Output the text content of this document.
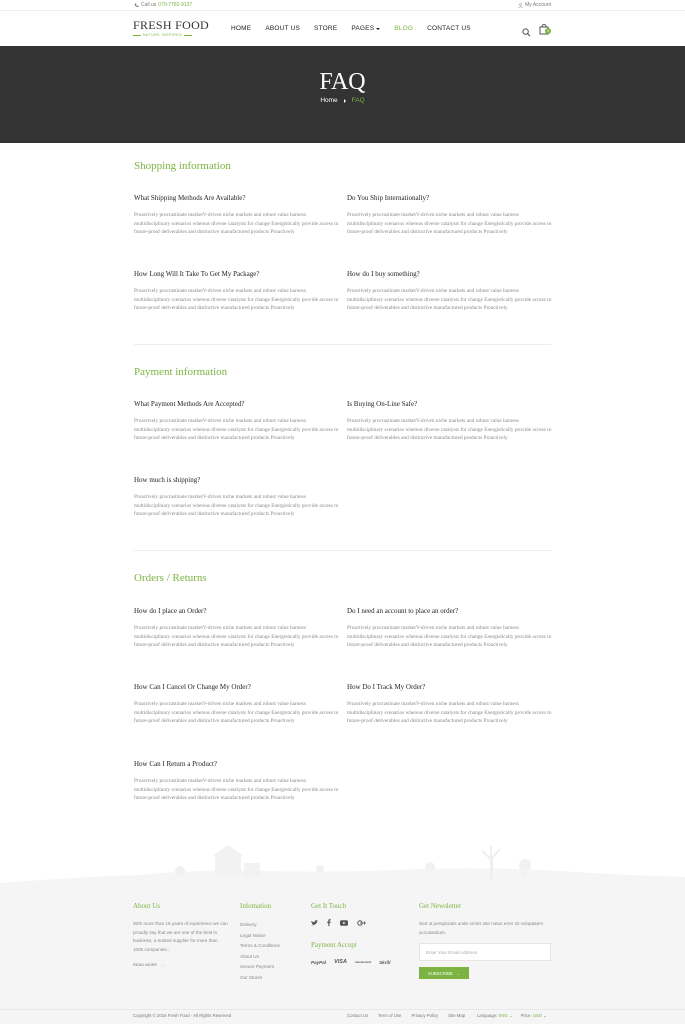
Call us 070-7782-9137	My Account
FRESH FOOD
NATURE INSPIRED
HOME ABOUT US STORE PAGES	BLOG CONTACT US	0
FAQ
Home FAQ
Shopping information
What Shipping Methods Are Available?
Proactively procrastinate marketV-driven niche markets and robust value harness multidisciplinary scenarios whereas diverse catalysts for change Energistically provide access to future-proof deliverables and distinctive manufactured products Proactively
Do You Ship Internationally?
Proactively procrastinate marketV-driven niche markets and robust value harness multidisciplinary scenarios whereas diverse catalysts for change Energistically provide access to future-proof deliverables and distinctive manufactured products Proactively
How Long Will It Take To Get My Package?
Proactively procrastinate marketV-driven niche markets and robust value harness multidisciplinary scenarios whereas diverse catalysts for change Energistically provide access to future-proof deliverables and distinctive manufactured products Proactively
How do I buy something?
Proactively procrastinate marketV-driven niche markets and robust value harness multidisciplinary scenarios whereas diverse catalysts for change Energistically provide access to future-proof deliverables and distinctive manufactured products Proactively
Payment information
What Payment Methods Are Accepted?
Proactively procrastinate marketV-driven niche markets and robust value harness multidisciplinary scenarios whereas diverse catalysts for change Energistically provide access to future-proof deliverables and distinctive manufactured products Proactively
Is Buying On-Line Safe?
Proactively procrastinate marketV-driven niche markets and robust value harness multidisciplinary scenarios whereas diverse catalysts for change Energistically provide access to future-proof deliverables and distinctive manufactured products Proactively
How much is shipping?
Proactively procrastinate marketV-driven niche markets and robust value harness multidisciplinary scenarios whereas diverse catalysts for change Energistically provide access to future-proof deliverables and distinctive manufactured products Proactively
Orders / Returns
How do I place an Order?
Proactively procrastinate marketV-driven niche markets and robust value harness multidisciplinary scenarios whereas diverse catalysts for change Energistically provide access to future-proof deliverables and distinctive manufactured products Proactively
Do I need an account to place an order?
Proactively procrastinate marketV-driven niche markets and robust value harness multidisciplinary scenarios whereas diverse catalysts for change Energistically provide access to future-proof deliverables and distinctive manufactured products Proactively
How Can I Cancel Or Change My Order?
Proactively procrastinate marketV-driven niche markets and robust value harness multidisciplinary scenarios whereas diverse catalysts for change Energistically provide access to future-proof deliverables and distinctive manufactured products Proactively
How Do I Track My Order?
Proactively procrastinate marketV-driven niche markets and robust value harness multidisciplinary scenarios whereas diverse catalysts for change Energistically provide access to future-proof deliverables and distinctive manufactured products Proactively
How Can I Return a Product?
Proactively procrastinate marketV-driven niche markets and robust value harness multidisciplinary scenarios whereas diverse catalysts for change Energistically provide access to future-proof deliverables and distinctive manufactured products Proactively
About Us

With more than 15 years of experience we can proudly say that we are one of the best in business, a trusted supplier for more than 1000 companies...

READ MORE →
Infomation
Delivery
Legal Notice
Terms & Conditions
About Us
Secure Payment
Our Stores
Get It Touch
Payment Accept
PayPal VISA	mastercard Skrill
Get Newsletter

Sed ut perspiciatis unde omnis iste natus error sit voluptatem accusantium.

Enter Your Email Address
SUBSCRIBE →
Copyright © 2016 Fresh Food - All Rights Reserved	Contact Us Term of Use Privacy Policy Site Map	Language: ENG ⌄ Price: USD ⌄
